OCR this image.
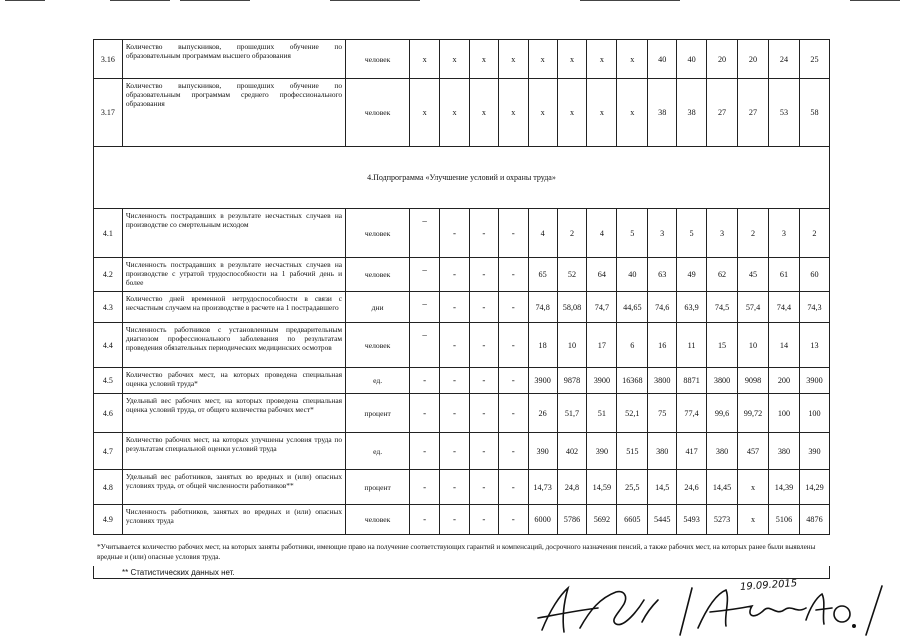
3.16	Количество выпускников, прошедших обучение по образовательным программам высшего образования	человек	x	x	x	x	x	x	x	x	40	40	20	20	24	25
3.17	Количество выпускников, прошедших обучение по образовательным программам среднего профессионального образования	человек	x	x	x	x	x	x	x	x	38	38	27	27	53	58
4.Подпрограмма «Улучшение условий и охраны труда»																
4.1	Численность пострадавших в результате несчастных случаев на производстве со смертельным исходом	человек	–	-	-	-	4	2	4	5	3	5	3	2	3	2
4.2	Численность пострадавших в результате несчастных случаев на производстве с утратой трудоспособности на 1 рабочий день и более	человек	–	-	-	-	65	52	64	40	63	49	62	45	61	60
4.3	Количество дней временной нетрудоспособности в связи с несчастным случаем на производстве в расчете на 1 пострадавшего	дни	–	-	-	-	74,8	58,08	74,7	44,65	74,6	63,9	74,5	57,4	74,4	74,3
4.4	Численность работников с установленным предварительным диагнозом профессионального заболевания по результатам проведения обязательных периодических медицинских осмотров	человек	–	-	-	-	18	10	17	6	16	11	15	10	14	13
4.5	Количество рабочих мест, на которых проведена специальная оценка условий труда*	ед.	-	-	-	-	3900	9878	3900	16368	3800	8871	3800	9098	200	3900
4.6	Удельный вес рабочих мест, на которых проведена специальная оценка условий труда, от общего количества рабочих мест*	процент	-	-	-	-	26	51,7	51	52,1	75	77,4	99,6	99,72	100	100
4.7	Количество рабочих мест, на которых улучшены условия труда по результатам специальной оценки условий труда	ед.	-	-	-	-	390	402	390	515	380	417	380	457	380	390
4.8	Удельный вес работников, занятых во вредных и (или) опасных условиях труда, от общей численности работников**	процент	-	-	-	-	14,73	24,8	14,59	25,5	14,5	24,6	14,45	x	14,39	14,29
4.9	Численность работников, занятых во вредных и (или) опасных условиях труда	человек	-	-	-	-	6000	5786	5692	6605	5445	5493	5273	x	5106	4876
*Учитывается количество рабочих мест, на которых заняты работники, имеющие право на получение соответствующих гарантий и компенсаций, досрочного назначения пенсий, а также рабочих мест, на которых ранее были выявлены вредные и (или) опасные условия труда.
** Статистических данных нет.
19.09.2015
